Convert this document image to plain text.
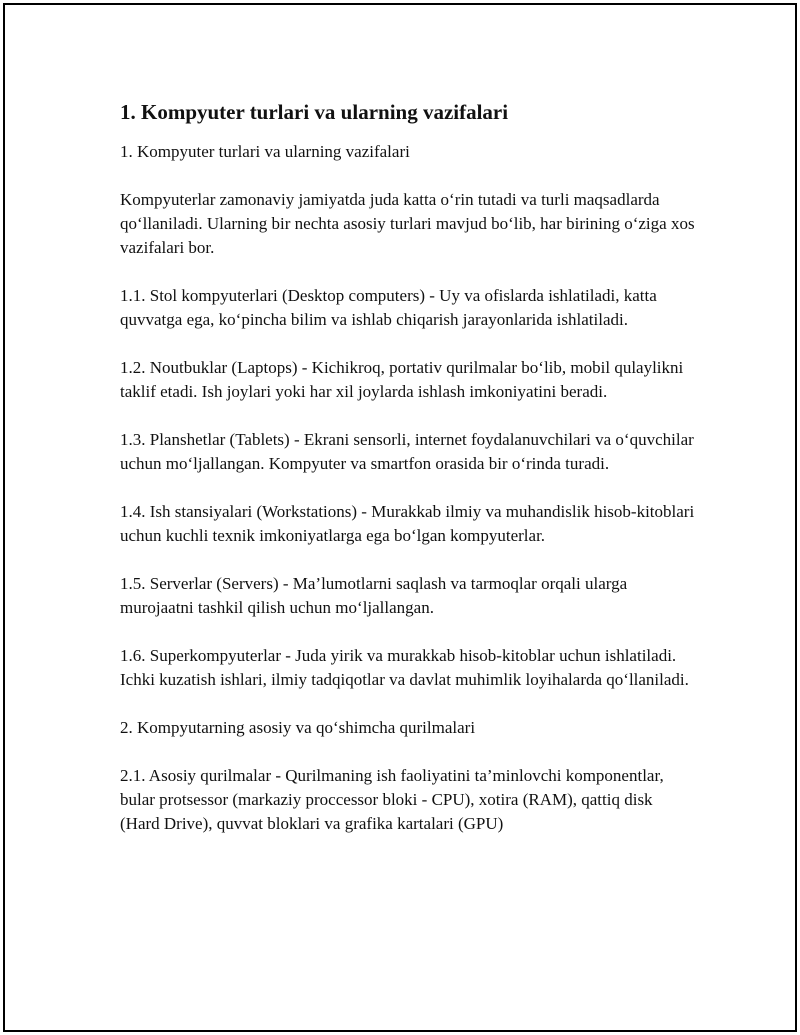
1. Kompyuter turlari va ularning vazifalari

1. Kompyuter turlari va ularning vazifalari

Kompyuterlar zamonaviy jamiyatda juda katta o‘rin tutadi va turli maqsadlarda qo‘llaniladi. Ularning bir nechta asosiy turlari mavjud bo‘lib, har birining o‘ziga xos vazifalari bor.

1.1. Stol kompyuterlari (Desktop computers) - Uy va ofislarda ishlatiladi, katta quvvatga ega, ko‘pincha bilim va ishlab chiqarish jarayonlarida ishlatiladi.

1.2. Noutbuklar (Laptops) - Kichikroq, portativ qurilmalar bo‘lib, mobil qulaylikni taklif etadi. Ish joylari yoki har xil joylarda ishlash imkoniyatini beradi.

1.3. Planshetlar (Tablets) - Ekrani sensorli, internet foydalanuvchilari va o‘quvchilar uchun mo‘ljallangan. Kompyuter va smartfon orasida bir o‘rinda turadi.

1.4. Ish stansiyalari (Workstations) - Murakkab ilmiy va muhandislik hisob-kitoblari uchun kuchli texnik imkoniyatlarga ega bo‘lgan kompyuterlar.

1.5. Serverlar (Servers) - Ma’lumotlarni saqlash va tarmoqlar orqali ularga murojaatni tashkil qilish uchun mo‘ljallangan.

1.6. Superkompyuterlar - Juda yirik va murakkab hisob-kitoblar uchun ishlatiladi. Ichki kuzatish ishlari, ilmiy tadqiqotlar va davlat muhimlik loyihalarda qo‘llaniladi.

2. Kompyutarning asosiy va qo‘shimcha qurilmalari

2.1. Asosiy qurilmalar - Qurilmaning ish faoliyatini ta’minlovchi komponentlar, bular protsessor (markaziy proccessor bloki - CPU), xotira (RAM), qattiq disk (Hard Drive), quvvat bloklari va grafika kartalari (GPU)
